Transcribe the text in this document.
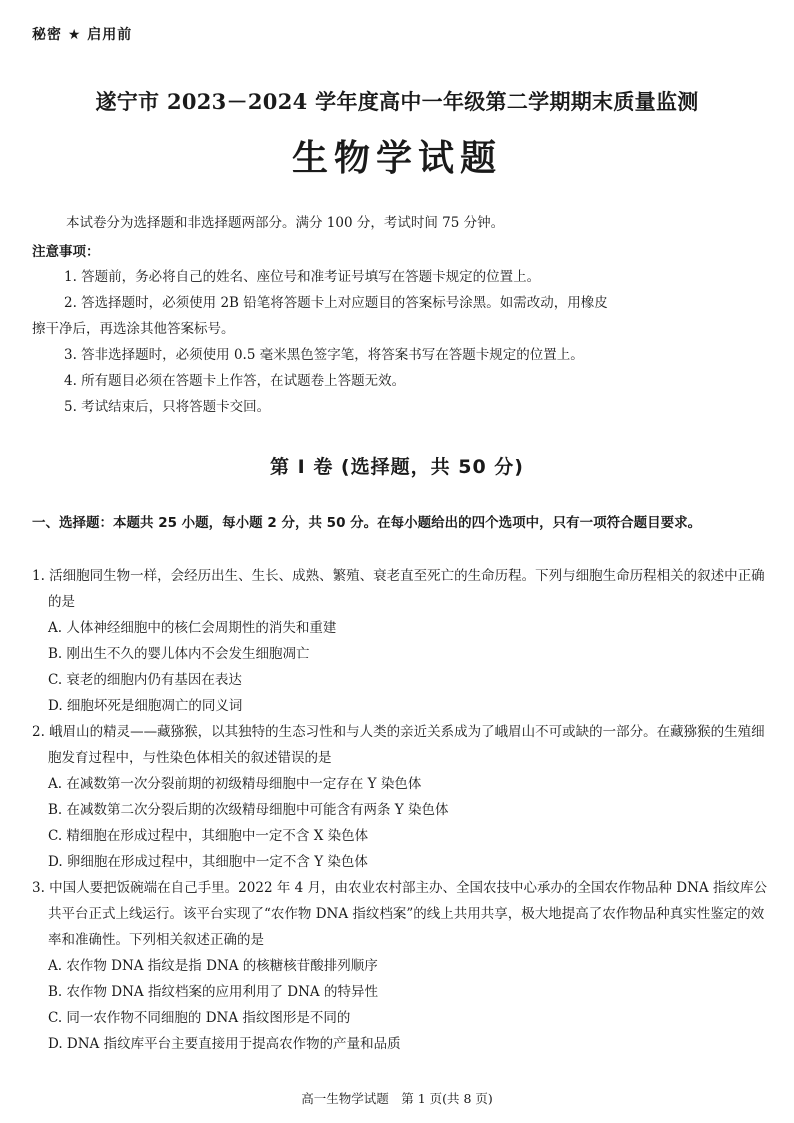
秘密 ★ 启用前
遂宁市 2023－2024 学年度高中一年级第二学期期末质量监测
生物学试题
本试卷分为选择题和非选择题两部分。满分 100 分，考试时间 75 分钟。
注意事项：
1. 答题前，务必将自己的姓名、座位号和准考证号填写在答题卡规定的位置上。
2. 答选择题时，必须使用 2B 铅笔将答题卡上对应题目的答案标号涂黑。如需改动，用橡皮
擦干净后，再选涂其他答案标号。
3. 答非选择题时，必须使用 0.5 毫米黑色签字笔，将答案书写在答题卡规定的位置上。
4. 所有题目必须在答题卡上作答，在试题卷上答题无效。
5. 考试结束后，只将答题卡交回。
第 Ⅰ 卷 (选择题，共 50 分)
一、选择题：本题共 25 小题，每小题 2 分，共 50 分。在每小题给出的四个选项中，只有一项符合题目要求。
1. 活细胞同生物一样，会经历出生、生长、成熟、繁殖、衰老直至死亡的生命历程。下列与细胞生命历程相关的叙述中正确的是
A. 人体神经细胞中的核仁会周期性的消失和重建
B. 刚出生不久的婴儿体内不会发生细胞凋亡
C. 衰老的细胞内仍有基因在表达
D. 细胞坏死是细胞凋亡的同义词
2. 峨眉山的精灵——藏猕猴，以其独特的生态习性和与人类的亲近关系成为了峨眉山不可或缺的一部分。在藏猕猴的生殖细胞发育过程中，与性染色体相关的叙述错误的是
A. 在减数第一次分裂前期的初级精母细胞中一定存在 Y 染色体
B. 在减数第二次分裂后期的次级精母细胞中可能含有两条 Y 染色体
C. 精细胞在形成过程中，其细胞中一定不含 X 染色体
D. 卵细胞在形成过程中，其细胞中一定不含 Y 染色体
3. 中国人要把饭碗端在自己手里。2022 年 4 月，由农业农村部主办、全国农技中心承办的全国农作物品种 DNA 指纹库公共平台正式上线运行。该平台实现了“农作物 DNA 指纹档案”的线上共用共享，极大地提高了农作物品种真实性鉴定的效率和准确性。下列相关叙述正确的是
A. 农作物 DNA 指纹是指 DNA 的核糖核苷酸排列顺序
B. 农作物 DNA 指纹档案的应用利用了 DNA 的特异性
C. 同一农作物不同细胞的 DNA 指纹图形是不同的
D. DNA 指纹库平台主要直接用于提高农作物的产量和品质
高一生物学试题　第 1 页(共 8 页)
